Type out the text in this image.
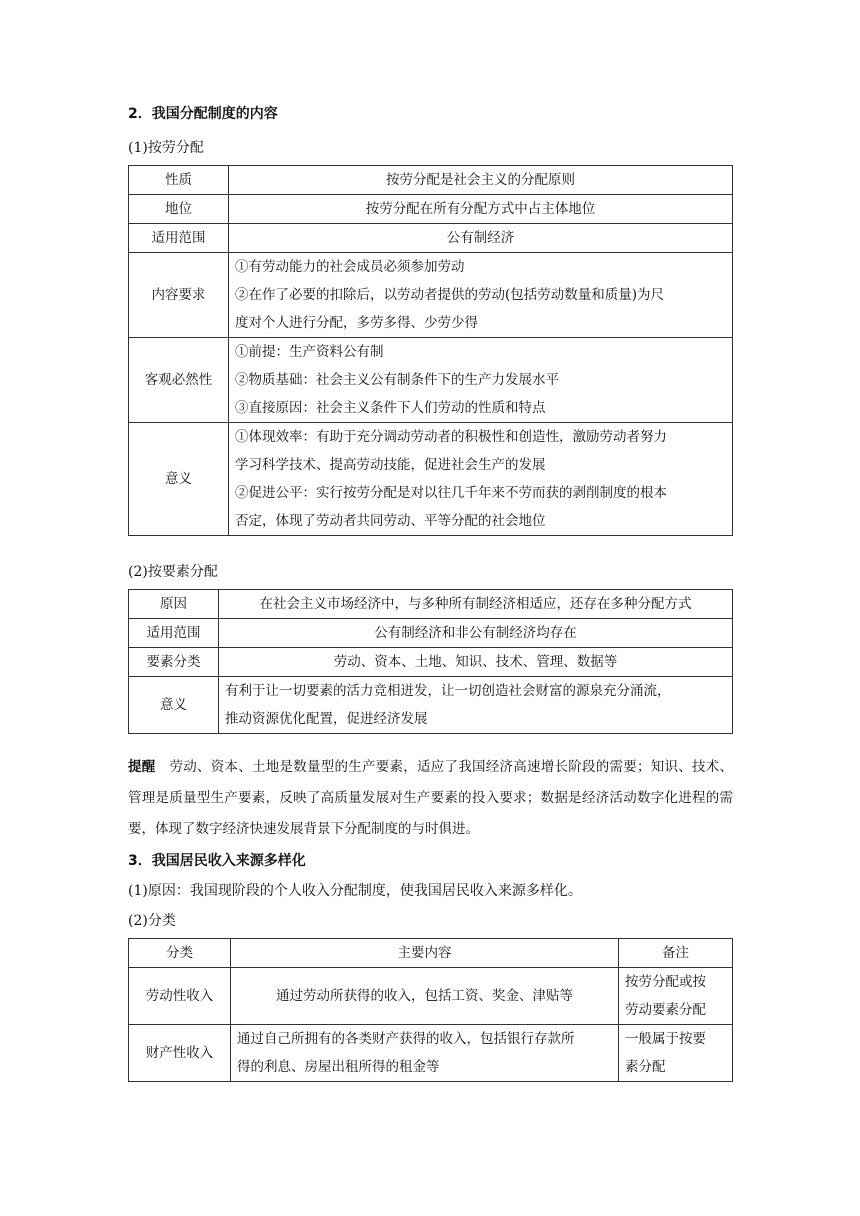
2．我国分配制度的内容
(1)按劳分配
性质	按劳分配是社会主义的分配原则
地位	按劳分配在所有分配方式中占主体地位
适用范围	公有制经济
内容要求	①有劳动能力的社会成员必须参加劳动
②在作了必要的扣除后，以劳动者提供的劳动(包括劳动数量和质量)为尺
度对个人进行分配，多劳多得、少劳少得

客观必然性	①前提：生产资料公有制
②物质基础：社会主义公有制条件下的生产力发展水平
③直接原因：社会主义条件下人们劳动的性质和特点

意义	①体现效率：有助于充分调动劳动者的积极性和创造性，激励劳动者努力
学习科学技术、提高劳动技能，促进社会生产的发展
②促进公平：实行按劳分配是对以往几千年来不劳而获的剥削制度的根本
否定，体现了劳动者共同劳动、平等分配的社会地位
(2)按要素分配
原因	在社会主义市场经济中，与多种所有制经济相适应，还存在多种分配方式
适用范围	公有制经济和非公有制经济均存在
要素分类	劳动、资本、土地、知识、技术、管理、数据等
意义	有利于让一切要素的活力竞相迸发，让一切创造社会财富的源泉充分涌流，
推动资源优化配置，促进经济发展
提醒 劳动、资本、土地是数量型的生产要素，适应了我国经济高速增长阶段的需要；知识、技术、管理是质量型生产要素，反映了高质量发展对生产要素的投入要求；数据是经济活动数字化进程的需要，体现了数字经济快速发展背景下分配制度的与时俱进。
3．我国居民收入来源多样化
(1)原因：我国现阶段的个人收入分配制度，使我国居民收入来源多样化。
(2)分类
分类	主要内容	备注
劳动性收入	通过劳动所获得的收入，包括工资、奖金、津贴等	按劳分配或按
劳动要素分配

财产性收入	通过自己所拥有的各类财产获得的收入，包括银行存款所
得的利息、房屋出租所得的租金等	一般属于按要
素分配
